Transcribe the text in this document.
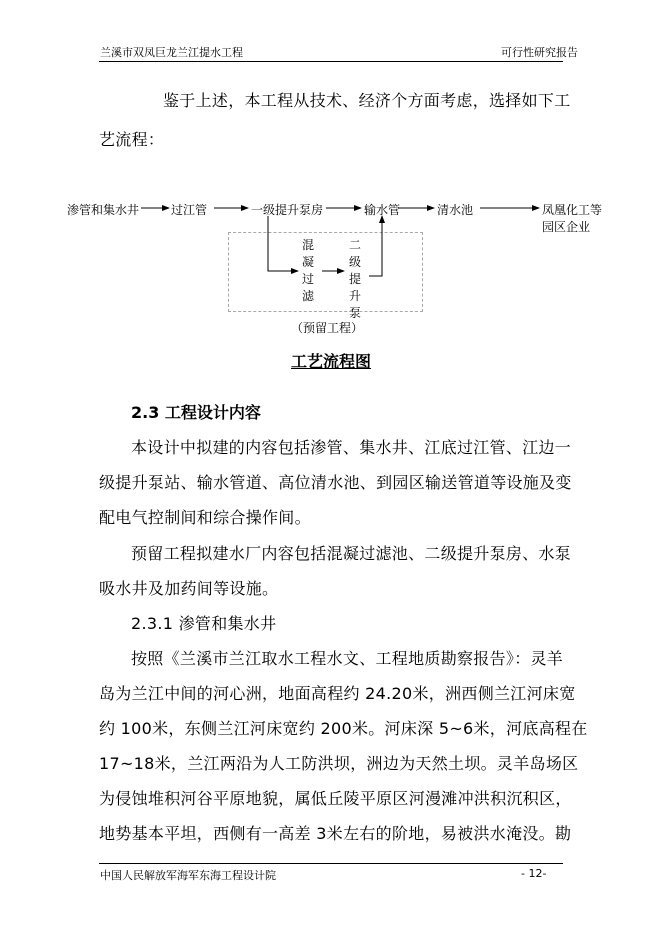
兰溪市双凤巨龙兰江提水工程	可行性研究报告
鉴于上述，本工程从技术、经济个方面考虑，选择如下工
艺流程：
渗管和集水井	过江管	一级提升泵房	输水管	清水池	凤凰化工等
园区企业
混凝过滤
二级提升泵
（预留工程）
工艺流程图
2.3 工程设计内容
本设计中拟建的内容包括渗管、集水井、江底过江管、江边一
级提升泵站、输水管道、高位清水池、到园区输送管道等设施及变
配电气控制间和综合操作间。
预留工程拟建水厂内容包括混凝过滤池、二级提升泵房、水泵
吸水井及加药间等设施。
2.3.1 渗管和集水井
按照《兰溪市兰江取水工程水文、工程地质勘察报告》：灵羊
岛为兰江中间的河心洲，地面高程约 24.20米，洲西侧兰江河床宽
约 100米，东侧兰江河床宽约 200米。河床深 5~6米，河底高程在
17~18米，兰江两沿为人工防洪坝，洲边为天然土坝。灵羊岛场区
为侵蚀堆积河谷平原地貌，属低丘陵平原区河漫滩冲洪积沉积区，
地势基本平坦，西侧有一高差 3米左右的阶地，易被洪水淹没。勘
中国人民解放军海军东海工程设计院	- 12-
